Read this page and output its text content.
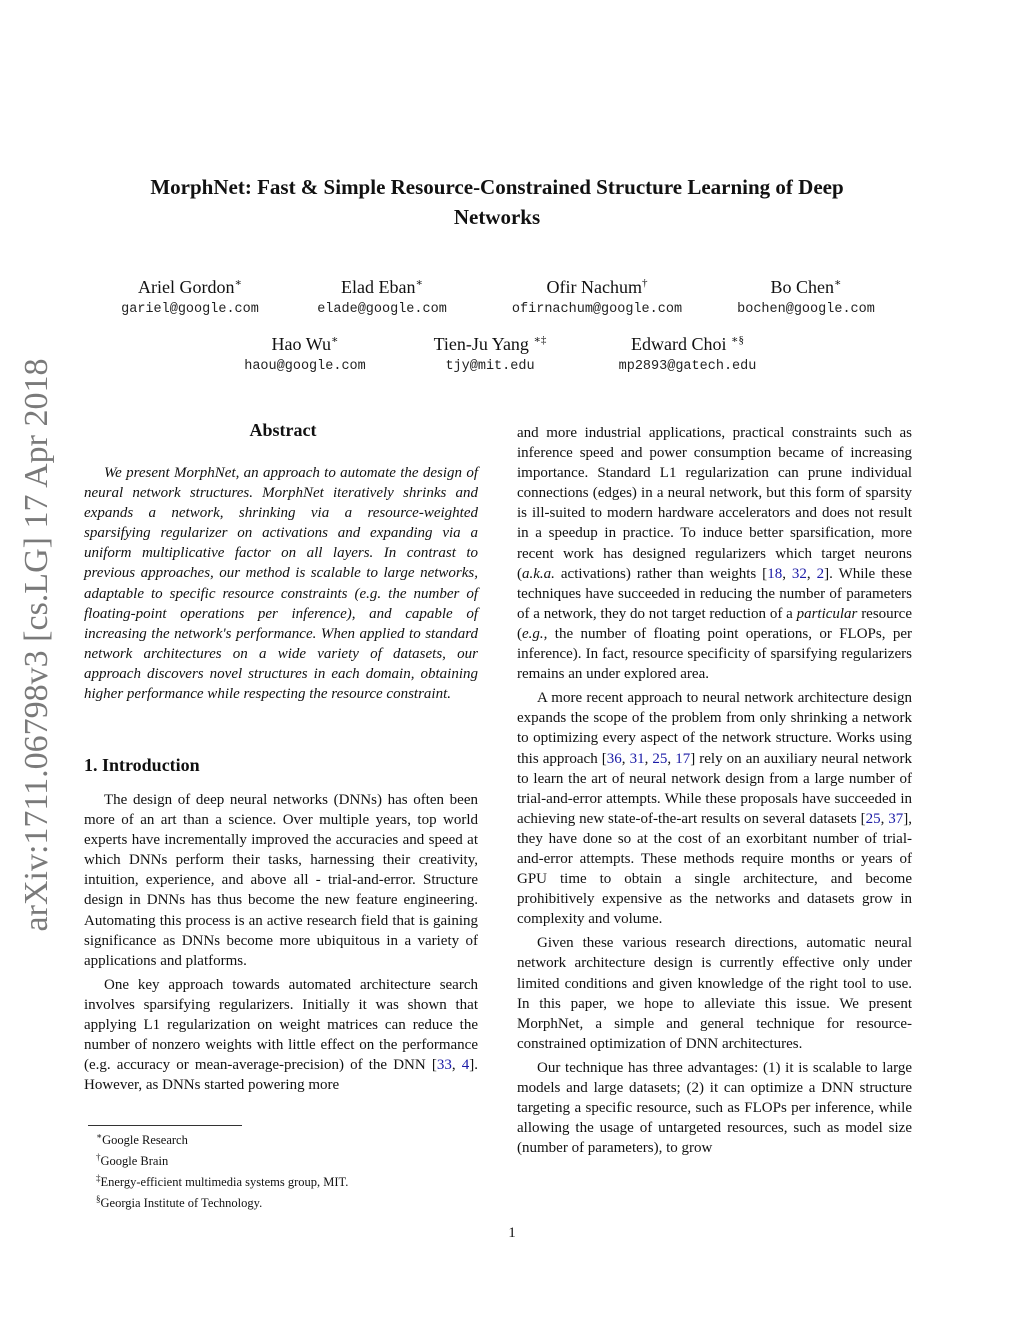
arXiv:1711.06798v3 [cs.LG] 17 Apr 2018
MorphNet: Fast & Simple Resource-Constrained Structure Learning of Deep
Networks
Ariel Gordon∗
gariel@google.com
Elad Eban∗
elade@google.com
Ofir Nachum†
ofirnachum@google.com
Bo Chen∗
bochen@google.com
Hao Wu∗
haou@google.com
Tien-Ju Yang ∗‡
tjy@mit.edu
Edward Choi ∗§
mp2893@gatech.edu
Abstract

We present MorphNet, an approach to automate the design of neural network structures. MorphNet iteratively shrinks and expands a network, shrinking via a resource-weighted sparsifying regularizer on activations and expanding via a uniform multiplicative factor on all layers. In contrast to previous approaches, our method is scalable to large networks, adaptable to specific resource constraints (e.g. the number of floating-point operations per inference), and capable of increasing the network's performance. When applied to standard network architectures on a wide variety of datasets, our approach discovers novel structures in each domain, obtaining higher performance while respecting the resource constraint.

1. Introduction

The design of deep neural networks (DNNs) has often been more of an art than a science. Over multiple years, top world experts have incrementally improved the accuracies and speed at which DNNs perform their tasks, harnessing their creativity, intuition, experience, and above all - trial-and-error. Structure design in DNNs has thus become the new feature engineering. Automating this process is an active research field that is gaining significance as DNNs become more ubiquitous in a variety of applications and platforms.

One key approach towards automated architecture search involves sparsifying regularizers. Initially it was shown that applying L1 regularization on weight matrices can reduce the number of nonzero weights with little effect on the performance (e.g. accuracy or mean-average-precision) of the DNN [33, 4]. However, as DNNs started powering more

and more industrial applications, practical constraints such as inference speed and power consumption became of increasing importance. Standard L1 regularization can prune individual connections (edges) in a neural network, but this form of sparsity is ill-suited to modern hardware accelerators and does not result in a speedup in practice. To induce better sparsification, more recent work has designed regularizers which target neurons (a.k.a. activations) rather than weights [18, 32, 2]. While these techniques have succeeded in reducing the number of parameters of a network, they do not target reduction of a particular resource (e.g., the number of floating point operations, or FLOPs, per inference). In fact, resource specificity of sparsifying regularizers remains an under explored area.

A more recent approach to neural network architecture design expands the scope of the problem from only shrinking a network to optimizing every aspect of the network structure. Works using this approach [36, 31, 25, 17] rely on an auxiliary neural network to learn the art of neural network design from a large number of trial-and-error attempts. While these proposals have succeeded in achieving new state-of-the-art results on several datasets [25, 37], they have done so at the cost of an exorbitant number of trial-and-error attempts. These methods require months or years of GPU time to obtain a single architecture, and become prohibitively expensive as the networks and datasets grow in complexity and volume.

Given these various research directions, automatic neural network architecture design is currently effective only under limited conditions and given knowledge of the right tool to use. In this paper, we hope to alleviate this issue. We present MorphNet, a simple and general technique for resource-constrained optimization of DNN architectures.

Our technique has three advantages: (1) it is scalable to large models and large datasets; (2) it can optimize a DNN structure targeting a specific resource, such as FLOPs per inference, while allowing the usage of untargeted resources, such as model size (number of parameters), to grow

∗Google Research
†Google Brain
‡Energy-efficient multimedia systems group, MIT.
§Georgia Institute of Technology.
1
